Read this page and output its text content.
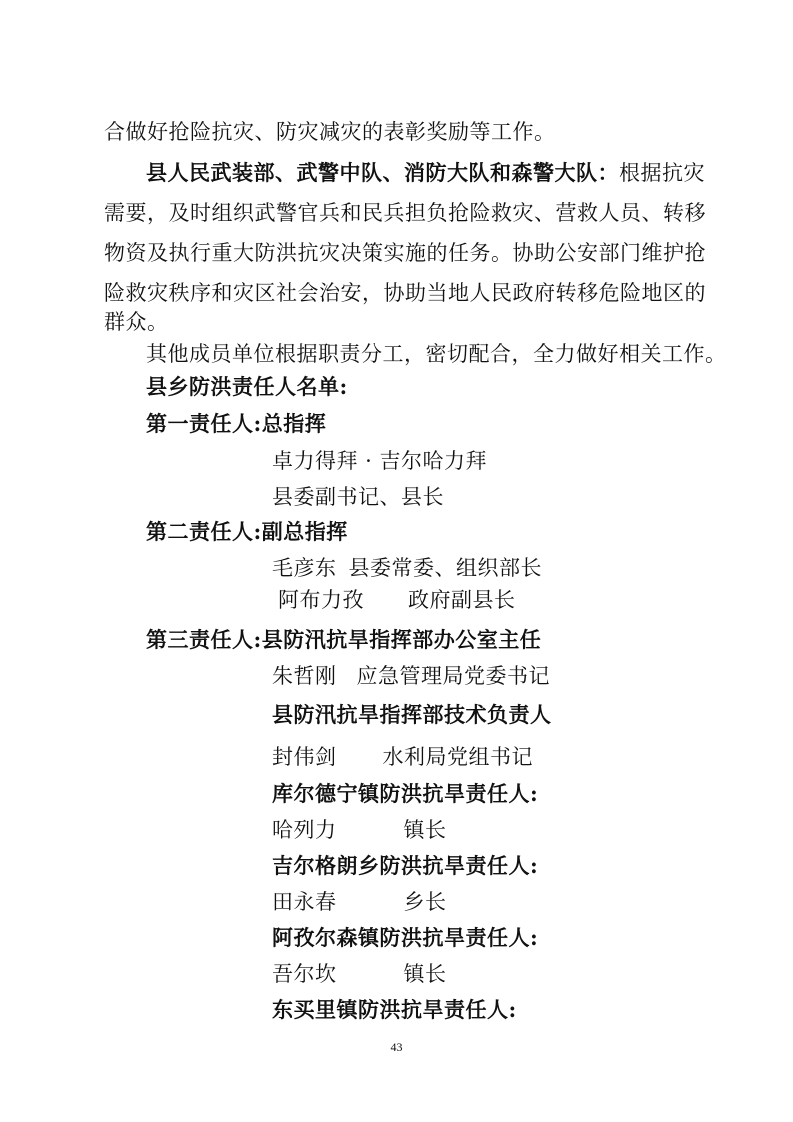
合做好抢险抗灾、防灾减灾的表彰奖励等工作。
县人民武装部、武警中队、消防大队和森警大队：根据抗灾
需要，及时组织武警官兵和民兵担负抢险救灾、营救人员、转移
物资及执行重大防洪抗灾决策实施的任务。协助公安部门维护抢
险救灾秩序和灾区社会治安，协助当地人民政府转移危险地区的
群众。
其他成员单位根据职责分工，密切配合，全力做好相关工作。
县乡防洪责任人名单:
第一责任人:总指挥
卓力得拜 · 吉尔哈力拜
县委副书记、县长
第二责任人:副总指挥
毛彦东 县委常委、组织部长
阿布力孜 政府副县长
第三责任人:县防汛抗旱指挥部办公室主任
朱哲刚 应急管理局党委书记
县防汛抗旱指挥部技术负责人
封伟剑 水利局党组书记
库尔德宁镇防洪抗旱责任人:
哈列力	镇长
吉尔格朗乡防洪抗旱责任人:
田永春	乡长
阿孜尔森镇防洪抗旱责任人:
吾尔坎	镇长
东买里镇防洪抗旱责任人:
43
